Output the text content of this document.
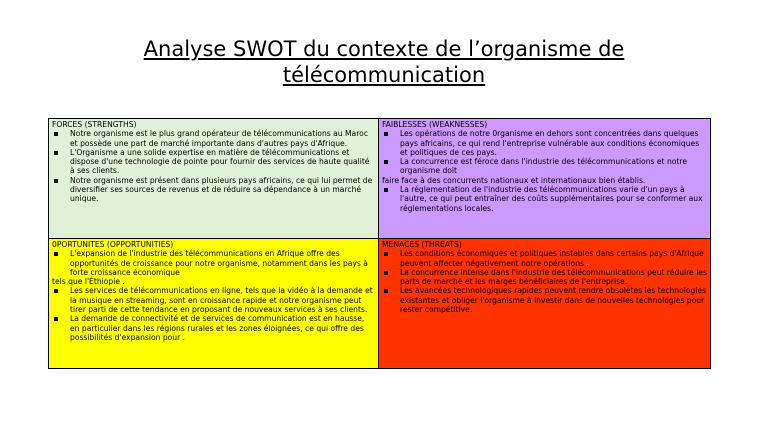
Analyse SWOT du contexte de l’organisme de
télécommunication
FORCES (STRENGTHS)
Notre organisme est le plus grand opérateur de télécommunications au Maroc et possède une part de marché importante dans d'autres pays d'Afrique.
L'Organisme a une solide expertise en matière de télécommunications et dispose d'une technologie de pointe pour fournir des services de haute qualité à ses clients.
Notre organisme est présent dans plusieurs pays africains, ce qui lui permet de diversifier ses sources de revenus et de réduire sa dépendance à un marché unique.
FAIBLESSES (WEAKNESSES)
Les opérations de notre 0rganisme en dehors sont concentrées dans quelques pays africains, ce qui rend l'entreprise vulnérable aux conditions économiques et politiques de ces pays.
La concurrence est féroce dans l'industrie des télécommunications et notre organisme doit
faire face à des concurrents nationaux et internationaux bien établis.
La réglementation de l'industrie des télécommunications varie d'un pays à l'autre, ce qui peut entraîner des coûts supplémentaires pour se conformer aux réglementations locales.
0PORTUNITES (OPPORTUNITIES)
L'expansion de l'industrie des télécommunications en Afrique offre des opportunités de croissance pour notre organisme, notamment dans les pays à forte croissance économique
tels que l'Éthiopie .
Les services de télécommunications en ligne, tels que la vidéo à la demande et la musique en streaming, sont en croissance rapide et notre organisme peut tirer parti de cette tendance en proposant de nouveaux services à ses clients.
La demande de connectivité et de services de communication est en hausse, en particulier dans les régions rurales et les zones éloignées, ce qui offre des possibilités d'expansion pour .
MENACES (THREATS)
Les conditions économiques et politiques instables dans certains pays d'Afrique peuvent affecter négativement notre opérations .
La concurrence intense dans l'industrie des télécommunications peut réduire les parts de marché et les marges bénéficiaires de l'entreprise.
Les avancées technologiques rapides peuvent rendre obsolètes les technologies existantes et obliger l'organisme à investir dans de nouvelles technologies pour rester compétitive.
